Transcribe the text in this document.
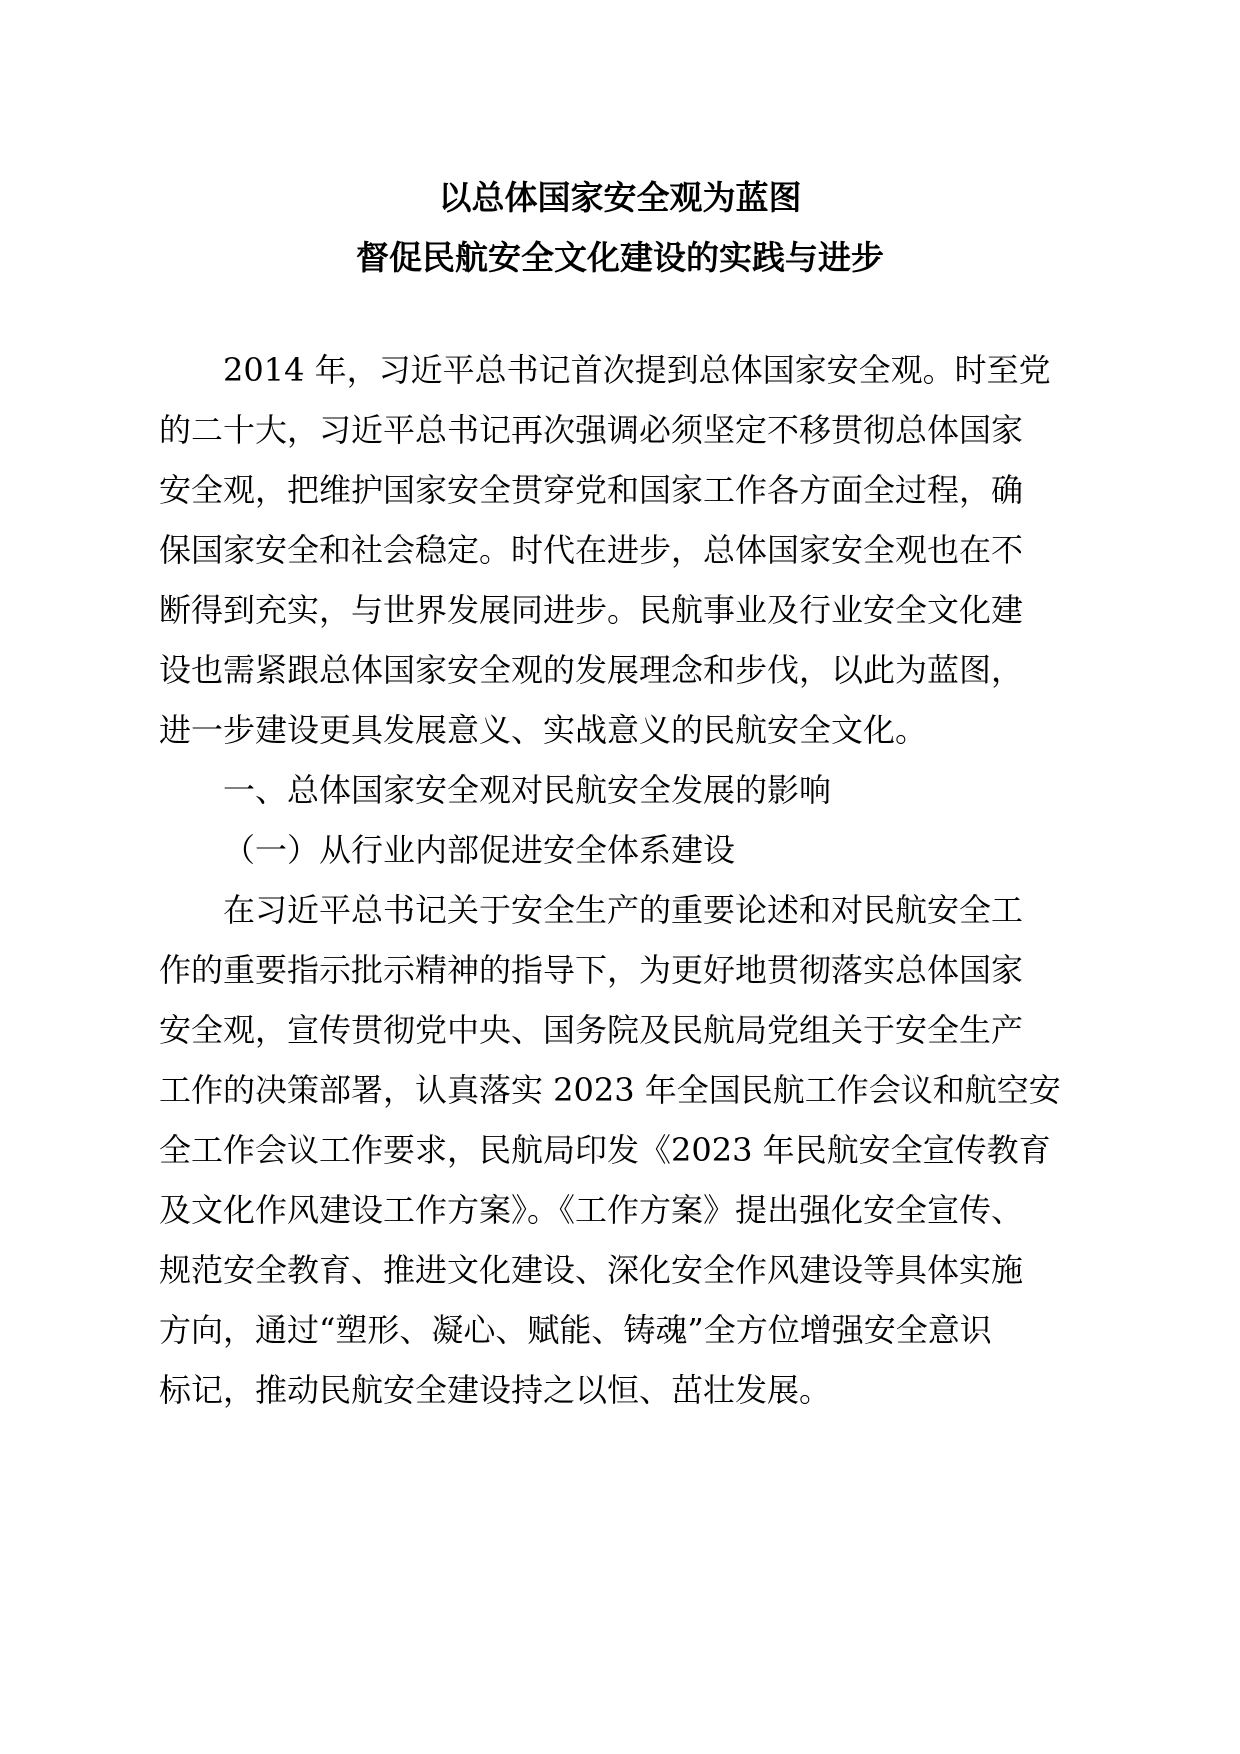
以总体国家安全观为蓝图
督促民航安全文化建设的实践与进步
2014 年，习近平总书记首次提到总体国家安全观。时至党
的二十大，习近平总书记再次强调必须坚定不移贯彻总体国家
安全观，把维护国家安全贯穿党和国家工作各方面全过程，确
保国家安全和社会稳定。时代在进步，总体国家安全观也在不
断得到充实，与世界发展同进步。民航事业及行业安全文化建
设也需紧跟总体国家安全观的发展理念和步伐，以此为蓝图，
进一步建设更具发展意义、实战意义的民航安全文化。
一、总体国家安全观对民航安全发展的影响
（一）从行业内部促进安全体系建设
在习近平总书记关于安全生产的重要论述和对民航安全工
作的重要指示批示精神的指导下，为更好地贯彻落实总体国家
安全观，宣传贯彻党中央、国务院及民航局党组关于安全生产
工作的决策部署，认真落实 2023 年全国民航工作会议和航空安
全工作会议工作要求，民航局印发《2023 年民航安全宣传教育
及文化作风建设工作方案》。《工作方案》提出强化安全宣传、
规范安全教育、推进文化建设、深化安全作风建设等具体实施
方向，通过“塑形、凝心、赋能、铸魂”全方位增强安全意识
标记，推动民航安全建设持之以恒、茁壮发展。
